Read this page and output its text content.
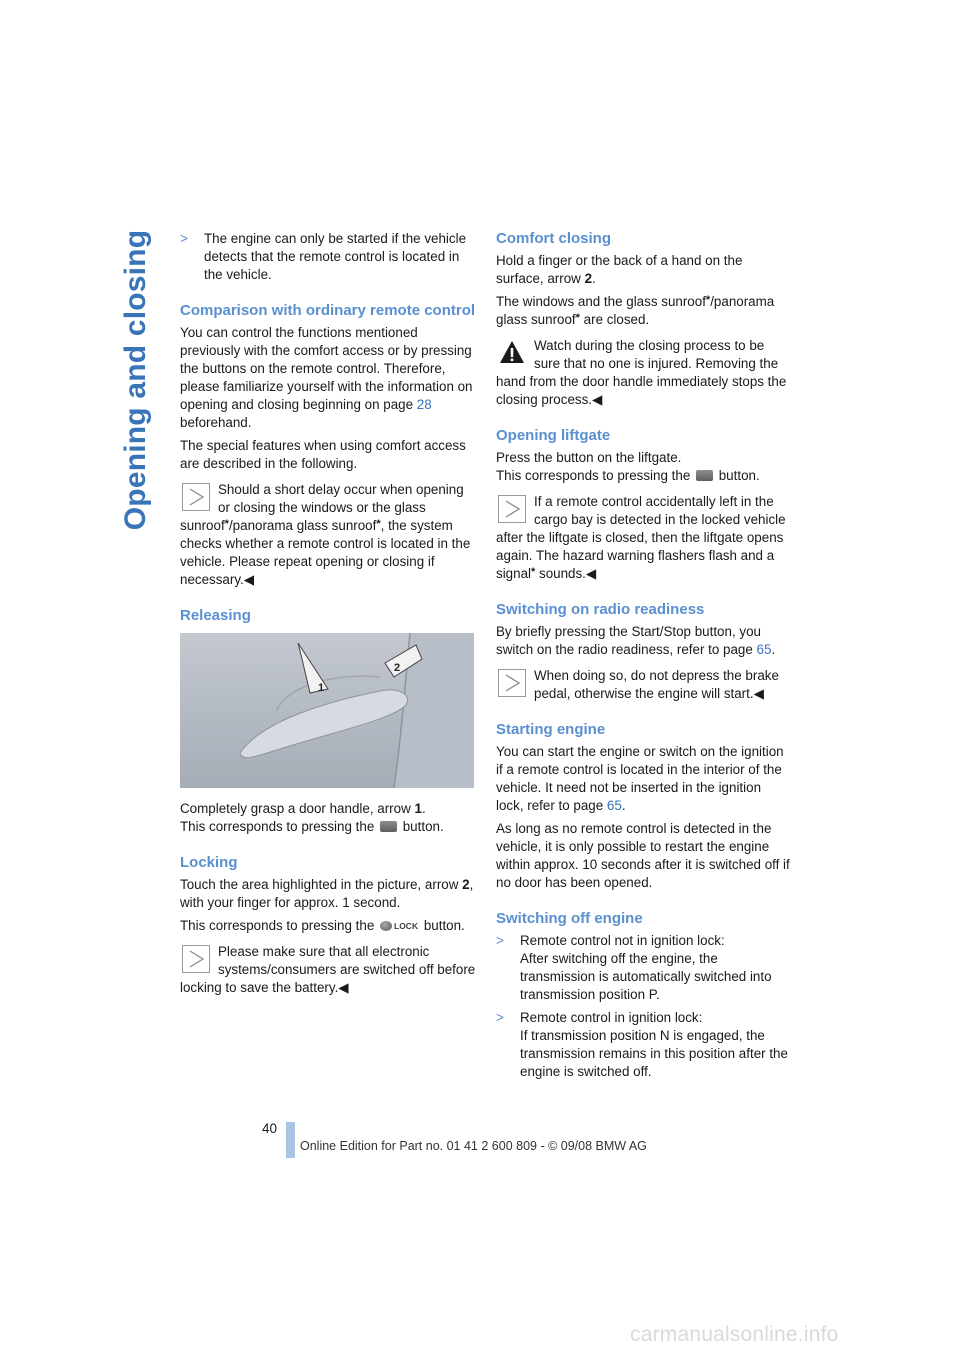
Opening and closing > The engine can only be started if the vehicle detects that the remote control is located in the vehicle.
Comparison with ordinary remote control

You can control the functions mentioned previously with the comfort access or by pressing the buttons on the remote control. Therefore, please familiarize yourself with the information on opening and closing beginning on page 28 beforehand.

The special features when using comfort access are described in the following.

Should a short delay occur when opening or closing the windows or the glass sunroof*/panorama glass sunroof*, the system checks whether a remote control is located in the vehicle. Please repeat opening or closing if necessary.◀
Releasing
1
2

Completely grasp a door handle, arrow 1.
This corresponds to pressing the button.

Locking

Touch the area highlighted in the picture, arrow 2, with your finger for approx. 1 second.

This corresponds to pressing the LOCK button.

Please make sure that all electronic systems/consumers are switched off before locking to save the battery.◀
Comfort closing

Hold a finger or the back of a hand on the surface, arrow 2.

The windows and the glass sunroof*/panorama glass sunroof* are closed.

Watch during the closing process to be sure that no one is injured. Removing the hand from the door handle immediately stops the closing process.◀
Opening liftgate

Press the button on the liftgate.
This corresponds to pressing the button.

If a remote control accidentally left in the cargo bay is detected in the locked vehicle after the liftgate is closed, then the liftgate opens again. The hazard warning flashers flash and a signal* sounds.◀
Switching on radio readiness

By briefly pressing the Start/Stop button, you switch on the radio readiness, refer to page 65.

When doing so, do not depress the brake pedal, otherwise the engine will start.◀
Starting engine

You can start the engine or switch on the ignition if a remote control is located in the interior of the vehicle. It need not be inserted in the ignition lock, refer to page 65.

As long as no remote control is detected in the vehicle, it is only possible to restart the engine within approx. 10 seconds after it is switched off if no door has been opened.

Switching off engine
> Remote control not in ignition lock:
After switching off the engine, the transmission is automatically switched into transmission position P.
> Remote control in ignition lock:
If transmission position N is engaged, the transmission remains in this position after the engine is switched off.
40
Online Edition for Part no. 01 41 2 600 809 - © 09/08 BMW AG
carmanualsonline.info
